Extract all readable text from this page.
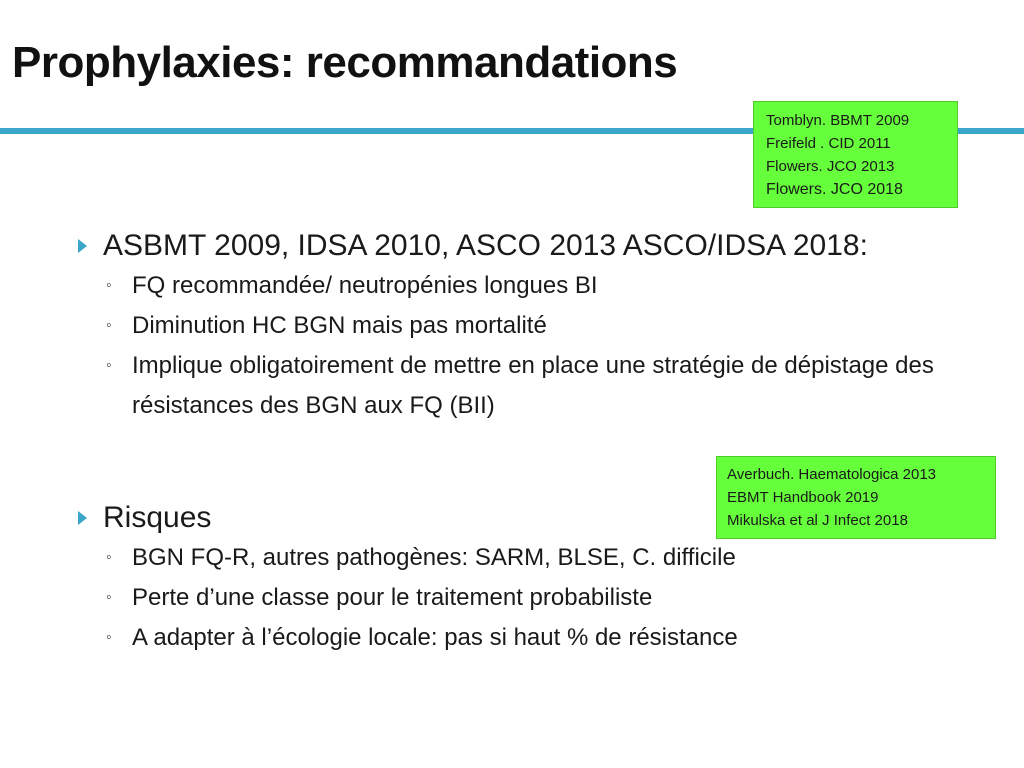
Prophylaxies: recommandations
Tomblyn. BBMT 2009
Freifeld . CID 2011
Flowers. JCO 2013
Flowers. JCO 2018
ASBMT 2009, IDSA 2010, ASCO 2013 ASCO/IDSA 2018:
◦ FQ recommandée/ neutropénies longues BI
◦ Diminution HC BGN mais pas mortalité
◦ Implique obligatoirement de mettre en place une stratégie de dépistage des résistances des BGN aux FQ (BII)
Averbuch. Haematologica 2013
EBMT Handbook 2019
Mikulska et al J Infect 2018
Risques
◦ BGN FQ-R, autres pathogènes: SARM, BLSE, C. difficile
◦ Perte d’une classe pour le traitement probabiliste
◦ A adapter à l’écologie locale: pas si haut % de résistance
